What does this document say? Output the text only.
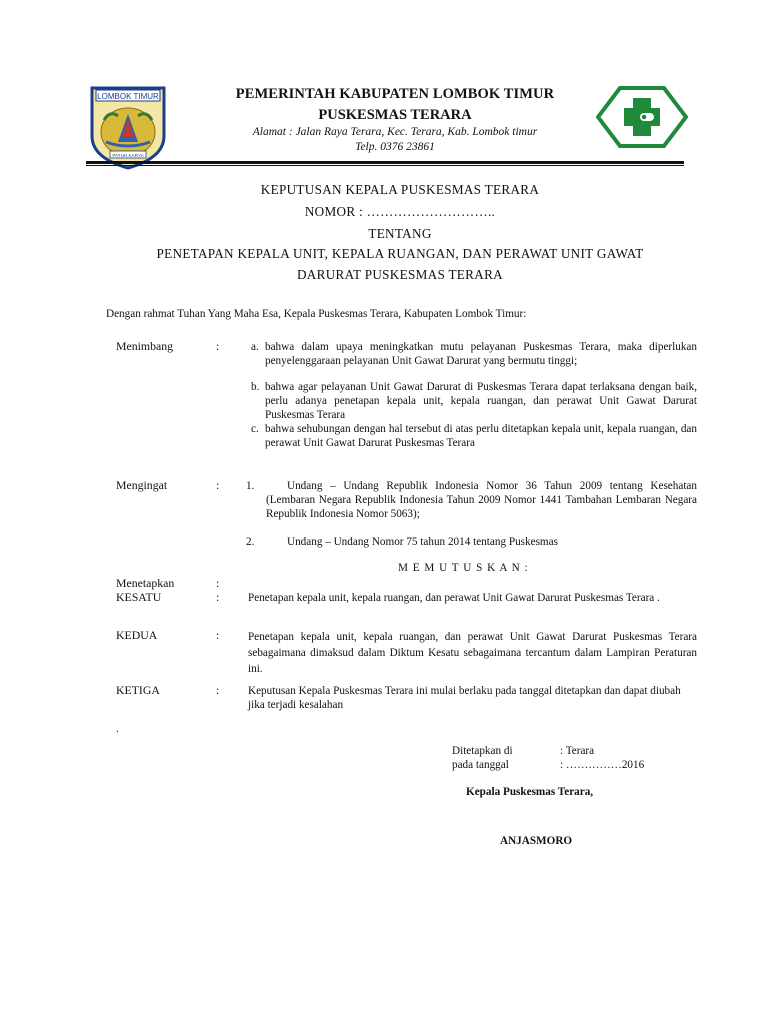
LOMBOK TIMUR
PATUH KARYA
PEMERINTAH KABUPATEN LOMBOK TIMUR
PUSKESMAS TERARA
Alamat : Jalan Raya Terara, Kec. Terara, Kab. Lombok timur
Telp. 0376 23861
KEPUTUSAN KEPALA PUSKESMAS TERARA
NOMOR : ………………………..
TENTANG
PENETAPAN KEPALA UNIT, KEPALA RUANGAN, DAN PERAWAT UNIT GAWAT
DARURAT PUSKESMAS TERARA
Dengan rahmat Tuhan Yang Maha Esa, Kepala Puskesmas Terara, Kabupaten Lombok Timur:
Menimbang	:	a. bahwa dalam upaya meningkatkan mutu pelayanan Puskesmas Terara, maka diperlukan penyelenggaraan pelayanan Unit Gawat Darurat yang bermutu tinggi;
b. bahwa agar pelayanan Unit Gawat Darurat di Puskesmas Terara dapat terlaksana dengan baik, perlu adanya penetapan kepala unit, kepala ruangan, dan perawat Unit Gawat Darurat Puskesmas Terara
c. bahwa sehubungan dengan hal tersebut di atas perlu ditetapkan kepala unit, kepala ruangan, dan perawat Unit Gawat Darurat Puskesmas Terara
Mengingat	: 1.	Undang – Undang Republik Indonesia Nomor 36 Tahun 2009 tentang Kesehatan (Lembaran Negara Republik Indonesia Tahun 2009 Nomor 1441 Tambahan Lembaran Negara Republik Indonesia Nomor 5063);
2.	Undang – Undang Nomor 75 tahun 2014 tentang Puskesmas
M E M U T U S K A N :
Menetapkan	:
KESATU	:	Penetapan kepala unit, kepala ruangan, dan perawat Unit Gawat Darurat Puskesmas Terara .
KEDUA	:	Penetapan kepala unit, kepala ruangan, dan perawat Unit Gawat Darurat Puskesmas Terara sebagaimana dimaksud dalam Diktum Kesatu sebagaimana tercantum dalam Lampiran Peraturan ini.
KETIGA	:	Keputusan Kepala Puskesmas Terara ini mulai berlaku pada tanggal ditetapkan dan dapat diubah jika terjadi kesalahan
.
Ditetapkan di	: Terara
pada tanggal	: ……………2016
Kepala Puskesmas Terara,
ANJASMORO
